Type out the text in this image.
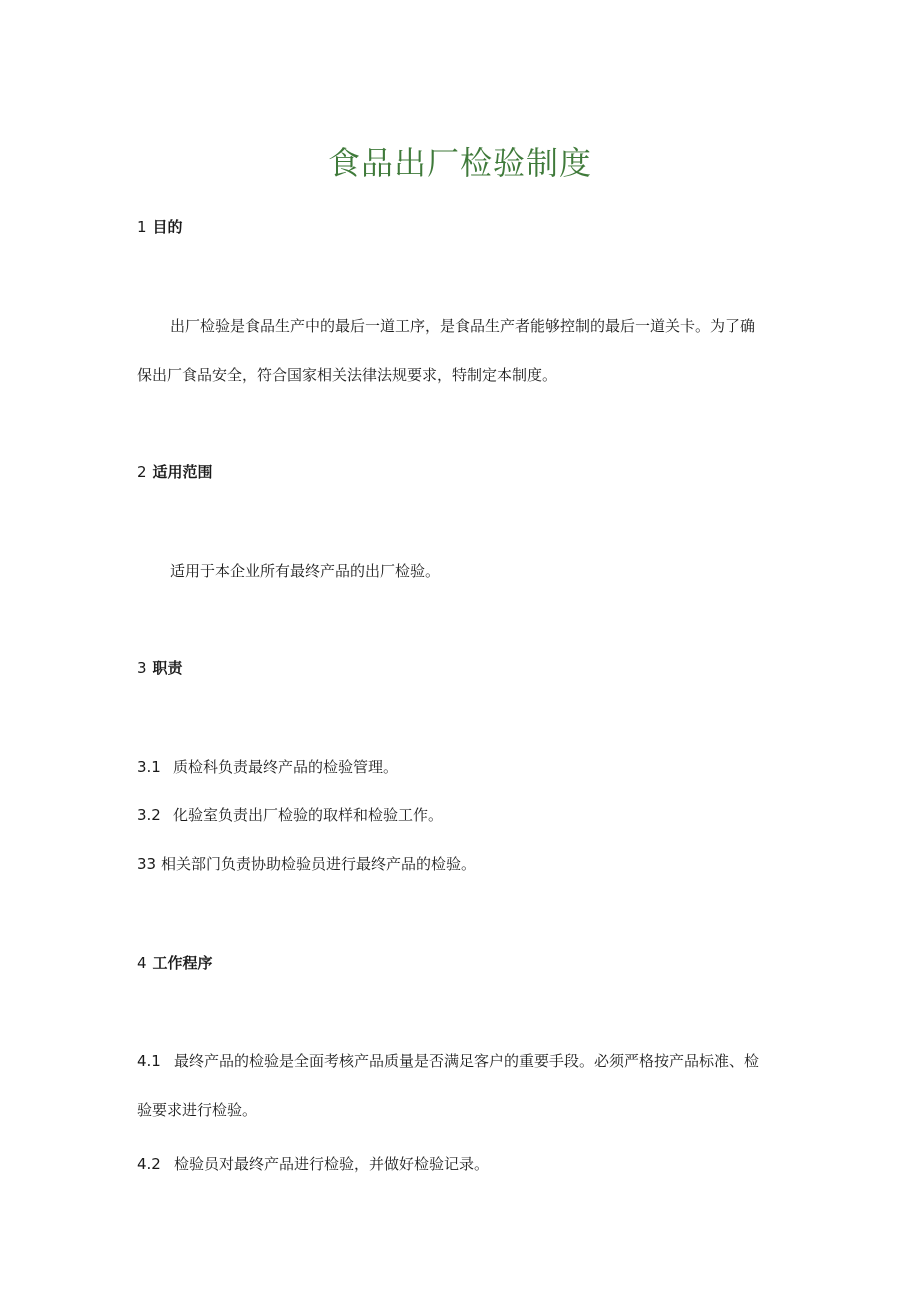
食品出厂检验制度
1 目的

出厂检验是食品生产中的最后一道工序，是食品生产者能够控制的最后一道关卡。为了确

保出厂食品安全，符合国家相关法律法规要求，特制定本制度。

2 适用范围

适用于本企业所有最终产品的出厂检验。

3 职责
3.1 质检科负责最终产品的检验管理。
3.2 化验室负责出厂检验的取样和检验工作。
33 相关部门负责协助检验员进行最终产品的检验。
4 工作程序
4.1 最终产品的检验是全面考核产品质量是否满足客户的重要手段。必须严格按产品标准、检

验要求进行检验。

4.2 检验员对最终产品进行检验，并做好检验记录。
